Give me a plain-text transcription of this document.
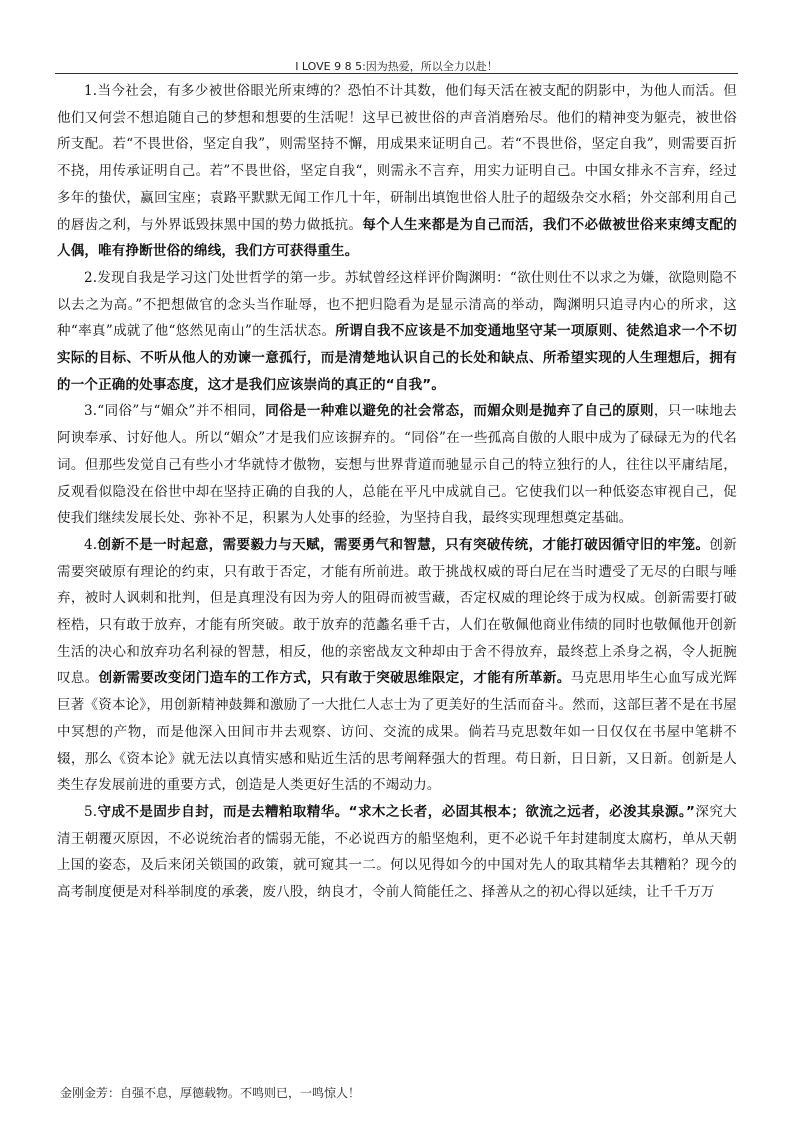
I LOVE 9 8 5:因为热爱，所以全力以赴！

1.当今社会，有多少被世俗眼光所束缚的？恐怕不计其数，他们每天活在被支配的阴影中，为他人而活。但他们又何尝不想追随自己的梦想和想要的生活呢！这早已被世俗的声音消磨殆尽。他们的精神变为躯壳，被世俗所支配。若“不畏世俗，坚定自我”，则需坚持不懈，用成果来证明自己。若“不畏世俗，坚定自我”，则需要百折不挠，用传承证明自己。若”不畏世俗，坚定自我“，则需永不言弃，用实力证明自己。中国女排永不言弃，经过多年的蛰伏，赢回宝座；袁路平默默无闻工作几十年，研制出填饱世俗人肚子的超级杂交水稻；外交部利用自己的唇齿之利，与外界诋毁抹黑中国的势力做抵抗。每个人生来都是为自己而活，我们不必做被世俗来束缚支配的人偶，唯有挣断世俗的绵线，我们方可获得重生。

2.发现自我是学习这门处世哲学的第一步。苏轼曾经这样评价陶渊明：“欲仕则仕不以求之为嫌，欲隐则隐不以去之为高。”不把想做官的念头当作耻辱，也不把归隐看为是显示清高的举动，陶渊明只追寻内心的所求，这种“率真”成就了他“悠然见南山”的生活状态。所谓自我不应该是不加变通地坚守某一项原则、徒然追求一个不切实际的目标、不听从他人的劝谏一意孤行，而是清楚地认识自己的长处和缺点、所希望实现的人生理想后，拥有的一个正确的处事态度，这才是我们应该崇尚的真正的“自我”。

3.“同俗”与“媚众”并不相同，同俗是一种难以避免的社会常态，而媚众则是抛弃了自己的原则，只一味地去阿谀奉承、讨好他人。所以“媚众”才是我们应该摒弃的。“同俗”在一些孤高自傲的人眼中成为了碌碌无为的代名词。但那些发觉自己有些小才华就恃才傲物，妄想与世界背道而驰显示自己的特立独行的人，往往以平庸结尾，反观看似隐没在俗世中却在坚持正确的自我的人，总能在平凡中成就自己。它使我们以一种低姿态审视自己，促使我们继续发展长处、弥补不足，积累为人处事的经验，为坚持自我，最终实现理想奠定基础。

4.创新不是一时起意，需要毅力与天赋，需要勇气和智慧，只有突破传统，才能打破因循守旧的牢笼。创新需要突破原有理论的约束，只有敢于否定，才能有所前进。敢于挑战权威的哥白尼在当时遭受了无尽的白眼与唾弃，被时人讽刺和批判，但是真理没有因为旁人的阻碍而被雪藏，否定权威的理论终于成为权威。创新需要打破桎梏，只有敢于放弃，才能有所突破。敢于放弃的范蠡名垂千古，人们在敬佩他商业伟绩的同时也敬佩他开创新生活的决心和放弃功名利禄的智慧，相反，他的亲密战友文种却由于舍不得放弃，最终惹上杀身之祸，令人扼腕叹息。创新需要改变闭门造车的工作方式，只有敢于突破思维限定，才能有所革新。马克思用毕生心血写成光辉巨著《资本论》，用创新精神鼓舞和激励了一大批仁人志士为了更美好的生活而奋斗。然而，这部巨著不是在书屋中冥想的产物，而是他深入田间市井去观察、访问、交流的成果。倘若马克思数年如一日仅仅在书屋中笔耕不辍，那么《资本论》就无法以真情实感和贴近生活的思考阐释强大的哲理。苟日新，日日新，又日新。创新是人类生存发展前进的重要方式，创造是人类更好生活的不竭动力。

5.守成不是固步自封，而是去糟粕取精华。“求木之长者，必固其根本；欲流之远者，必浚其泉源。”深究大清王朝覆灭原因，不必说统治者的懦弱无能，不必说西方的船坚炮利，更不必说千年封建制度太腐朽，单从天朝上国的姿态，及后来闭关锁国的政策，就可窥其一二。何以见得如今的中国对先人的取其精华去其糟粕？现今的高考制度便是对科举制度的承袭，废八股，纳良才，令前人简能任之、择善从之的初心得以延续，让千千万万

金刚金芳：自强不息，厚德载物。不鸣则已，一鸣惊人！
